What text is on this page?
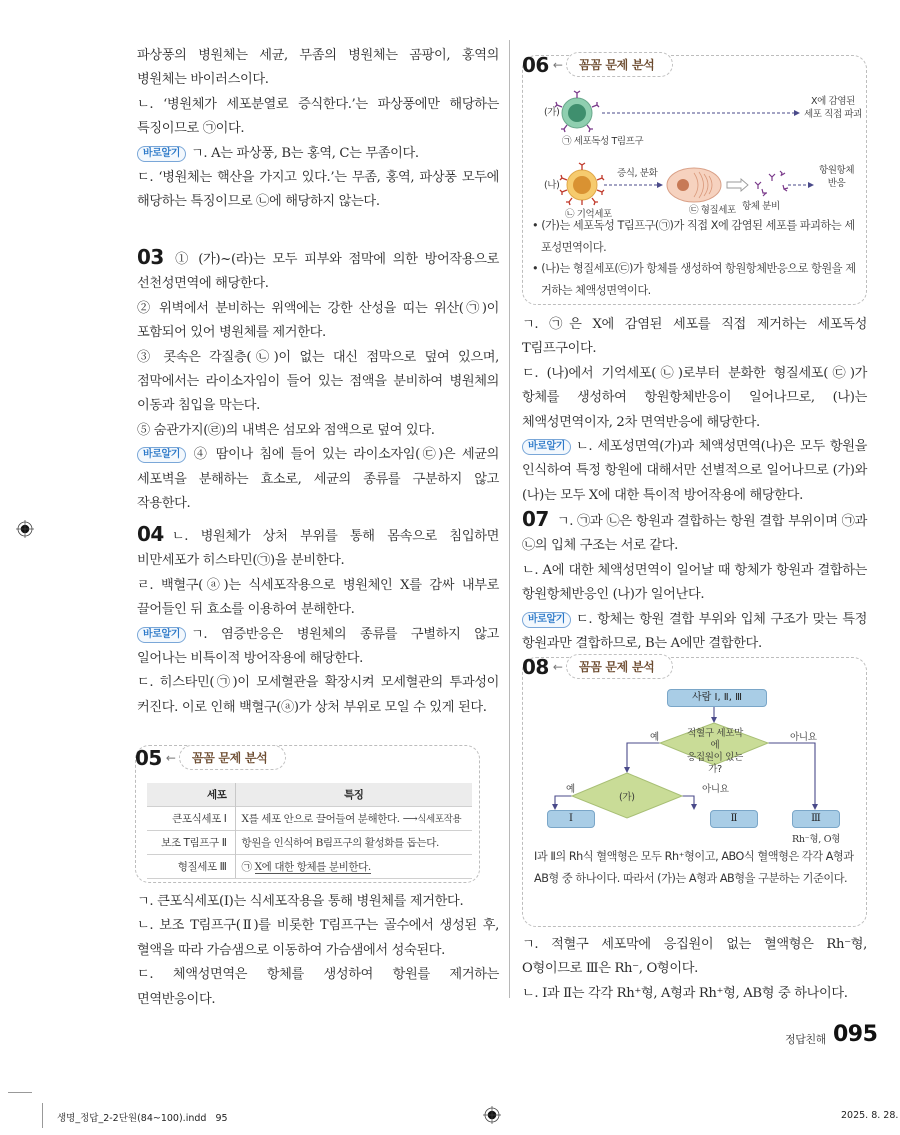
파상풍의 병원체는 세균, 무좀의 병원체는 곰팡이, 홍역의 병원체는 바이러스이다.

ㄴ. ‘병원체가 세포분열로 증식한다.’는 파상풍에만 해당하는 특징이므로 ㉠이다.

바로알기 ㄱ. A는 파상풍, B는 홍역, C는 무좀이다.

ㄷ. ‘병원체는 핵산을 가지고 있다.’는 무좀, 홍역, 파상풍 모두에 해당하는 특징이므로 ㉡에 해당하지 않는다.

03 ① (가)~(라)는 모두 피부와 점막에 의한 방어작용으로 선천성면역에 해당한다.

② 위벽에서 분비하는 위액에는 강한 산성을 띠는 위산(㉠)이 포함되어 있어 병원체를 제거한다.

③ 콧속은 각질층(㉡)이 없는 대신 점막으로 덮여 있으며, 점막에서는 라이소자임이 들어 있는 점액을 분비하여 병원체의 이동과 침입을 막는다.

⑤ 숨관가지(㉣)의 내벽은 섬모와 점액으로 덮여 있다.

바로알기 ④ 땀이나 침에 들어 있는 라이소자임(㉢)은 세균의 세포벽을 분해하는 효소로, 세균의 종류를 구분하지 않고 작용한다.

04 ㄴ. 병원체가 상처 부위를 통해 몸속으로 침입하면 비만세포가 히스타민(㉠)을 분비한다.

ㄹ. 백혈구(ⓐ)는 식세포작용으로 병원체인 X를 감싸 내부로 끌어들인 뒤 효소를 이용하여 분해한다.

바로알기 ㄱ. 염증반응은 병원체의 종류를 구별하지 않고 일어나는 비특이적 방어작용에 해당한다.

ㄷ. 히스타민(㉠)이 모세혈관을 확장시켜 모세혈관의 투과성이 커진다. 이로 인해 백혈구(ⓐ)가 상처 부위로 모일 수 있게 된다.

05 ←	꼼꼼 문제 분석
세포	특징
큰포식세포 Ⅰ	X를 세포 안으로 끌어들여 분해한다. ⟶식세포작용
보조 T림프구 Ⅱ	항원을 인식하여 B림프구의 활성화를 돕는다.
형질세포 Ⅲ	㉠ X에 대한 항체를 분비한다.

ㄱ. 큰포식세포(Ⅰ)는 식세포작용을 통해 병원체를 제거한다.

ㄴ. 보조 T림프구(Ⅱ)를 비롯한 T림프구는 골수에서 생성된 후, 혈액을 따라 가슴샘으로 이동하여 가슴샘에서 성숙된다.

ㄷ. 체액성면역은 항체를 생성하여 항원를 제거하는 면역반응이다.

06 ←	꼼꼼 문제 분석
(가)
㉠ 세포독성 T림프구
X에 감염된
세포 직접 파괴
(나)
증식, 분화
㉡ 기억세포	㉢ 형질세포 항체 분비
항원항체
반응

• (가)는 세포독성 T림프구(㉠)가 직접 X에 감염된 세포를 파괴하는 세포성면역이다.

• (나)는 형질세포(㉢)가 항체를 생성하여 항원항체반응으로 항원을 제거하는 체액성면역이다.

ㄱ. ㉠은 X에 감염된 세포를 직접 제거하는 세포독성 T림프구이다.

ㄷ. (나)에서 기억세포(㉡)로부터 분화한 형질세포(㉢)가 항체를 생성하여 항원항체반응이 일어나므로, (나)는 체액성면역이자, 2차 면역반응에 해당한다.

바로알기 ㄴ. 세포성면역(가)과 체액성면역(나)은 모두 항원을 인식하여 특정 항원에 대해서만 선별적으로 일어나므로 (가)와 (나)는 모두 X에 대한 특이적 방어작용에 해당한다.

07 ㄱ. ㉠과 ㉡은 항원과 결합하는 항원 결합 부위이며 ㉠과 ㉡의 입체 구조는 서로 같다.

ㄴ. A에 대한 체액성면역이 일어날 때 항체가 항원과 결합하는 항원항체반응인 (나)가 일어난다.

바로알기 ㄷ. 항체는 항원 결합 부위와 입체 구조가 맞는 특정 항원과만 결합하므로, B는 A에만 결합한다.

08 ←	꼼꼼 문제 분석
사람 Ⅰ, Ⅱ, Ⅲ
적혈구 세포막에
응집원이 있는가?
(가)
예	아니요
예	아니요
Ⅰ	Ⅱ	Ⅲ
Rh⁻형, O형

Ⅰ과 Ⅱ의 Rh식 혈액형은 모두 Rh⁺형이고, ABO식 혈액형은 각각 A형과 AB형 중 하나이다. 따라서 (가)는 A형과 AB형을 구분하는 기준이다.

ㄱ. 적혈구 세포막에 응집원이 없는 혈액형은 Rh⁻형, O형이므로 Ⅲ은 Rh⁻, O형이다.

ㄴ. Ⅰ과 Ⅱ는 각각 Rh⁺형, A형과 Rh⁺형, AB형 중 하나이다.

정답친해 095
생명_정답_2-2단원(84~100).indd   95	2025. 8. 28.
